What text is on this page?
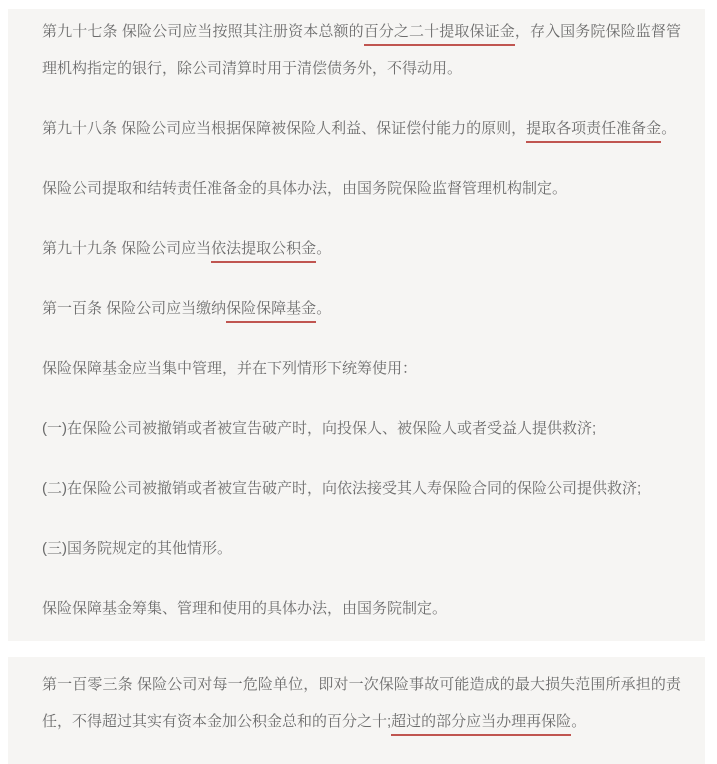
第九十七条 保险公司应当按照其注册资本总额的百分之二十提取保证金，存入国务院保险监督管理机构指定的银行，除公司清算时用于清偿债务外，不得动用。

第九十八条 保险公司应当根据保障被保险人利益、保证偿付能力的原则，提取各项责任准备金。

保险公司提取和结转责任准备金的具体办法，由国务院保险监督管理机构制定。

第九十九条 保险公司应当依法提取公积金。

第一百条 保险公司应当缴纳保险保障基金。

保险保障基金应当集中管理，并在下列情形下统筹使用：

(一)在保险公司被撤销或者被宣告破产时，向投保人、被保险人或者受益人提供救济;

(二)在保险公司被撤销或者被宣告破产时，向依法接受其人寿保险合同的保险公司提供救济;

(三)国务院规定的其他情形。

保险保障基金筹集、管理和使用的具体办法，由国务院制定。

第一百零三条 保险公司对每一危险单位，即对一次保险事故可能造成的最大损失范围所承担的责任，不得超过其实有资本金加公积金总和的百分之十;超过的部分应当办理再保险。
